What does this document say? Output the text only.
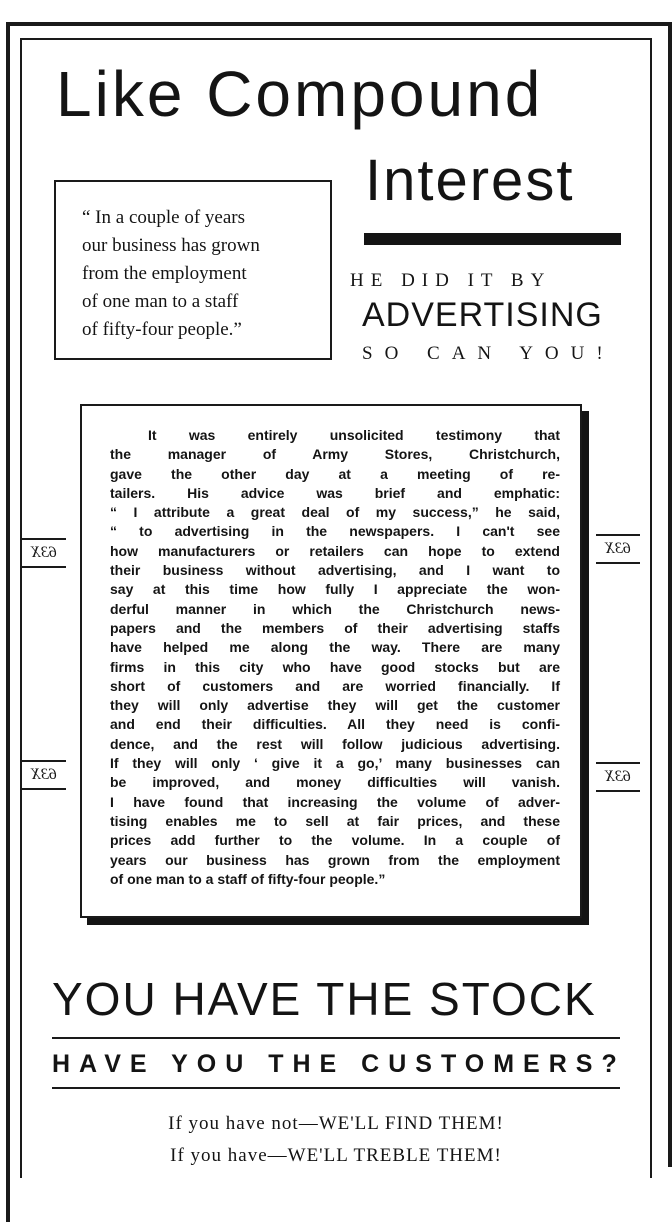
Like Compound
Interest
“ In a couple of years
our business has grown
from the employment
of one man to a staff
of fifty-four people.”

HE DID IT BY

ADVERTISING

SO CAN YOU!

63X
63X
63X
63X
It was entirely unsolicited testimony that
the manager of Army Stores, Christchurch,
gave the other day at a meeting of re-
tailers. His advice was brief and emphatic:
“ I attribute a great deal of my success,” he said,
“ to advertising in the newspapers. I can't see
how manufacturers or retailers can hope to extend
their business without advertising, and I want to
say at this time how fully I appreciate the won-
derful manner in which the Christchurch news-
papers and the members of their advertising staffs
have helped me along the way. There are many
firms in this city who have good stocks but are
short of customers and are worried financially. If
they will only advertise they will get the customer
and end their difficulties. All they need is confi-
dence, and the rest will follow judicious advertising.
If they will only ‘ give it a go,’ many businesses can
be improved, and money difficulties will vanish.
I have found that increasing the volume of adver-
tising enables me to sell at fair prices, and these
prices add further to the volume. In a couple of
years our business has grown from the employment
of one man to a staff of fifty-four people.”
YOU HAVE THE STOCK
HAVE YOU THE CUSTOMERS?

If you have not—WE'LL FIND THEM!

If you have—WE'LL TREBLE THEM!
